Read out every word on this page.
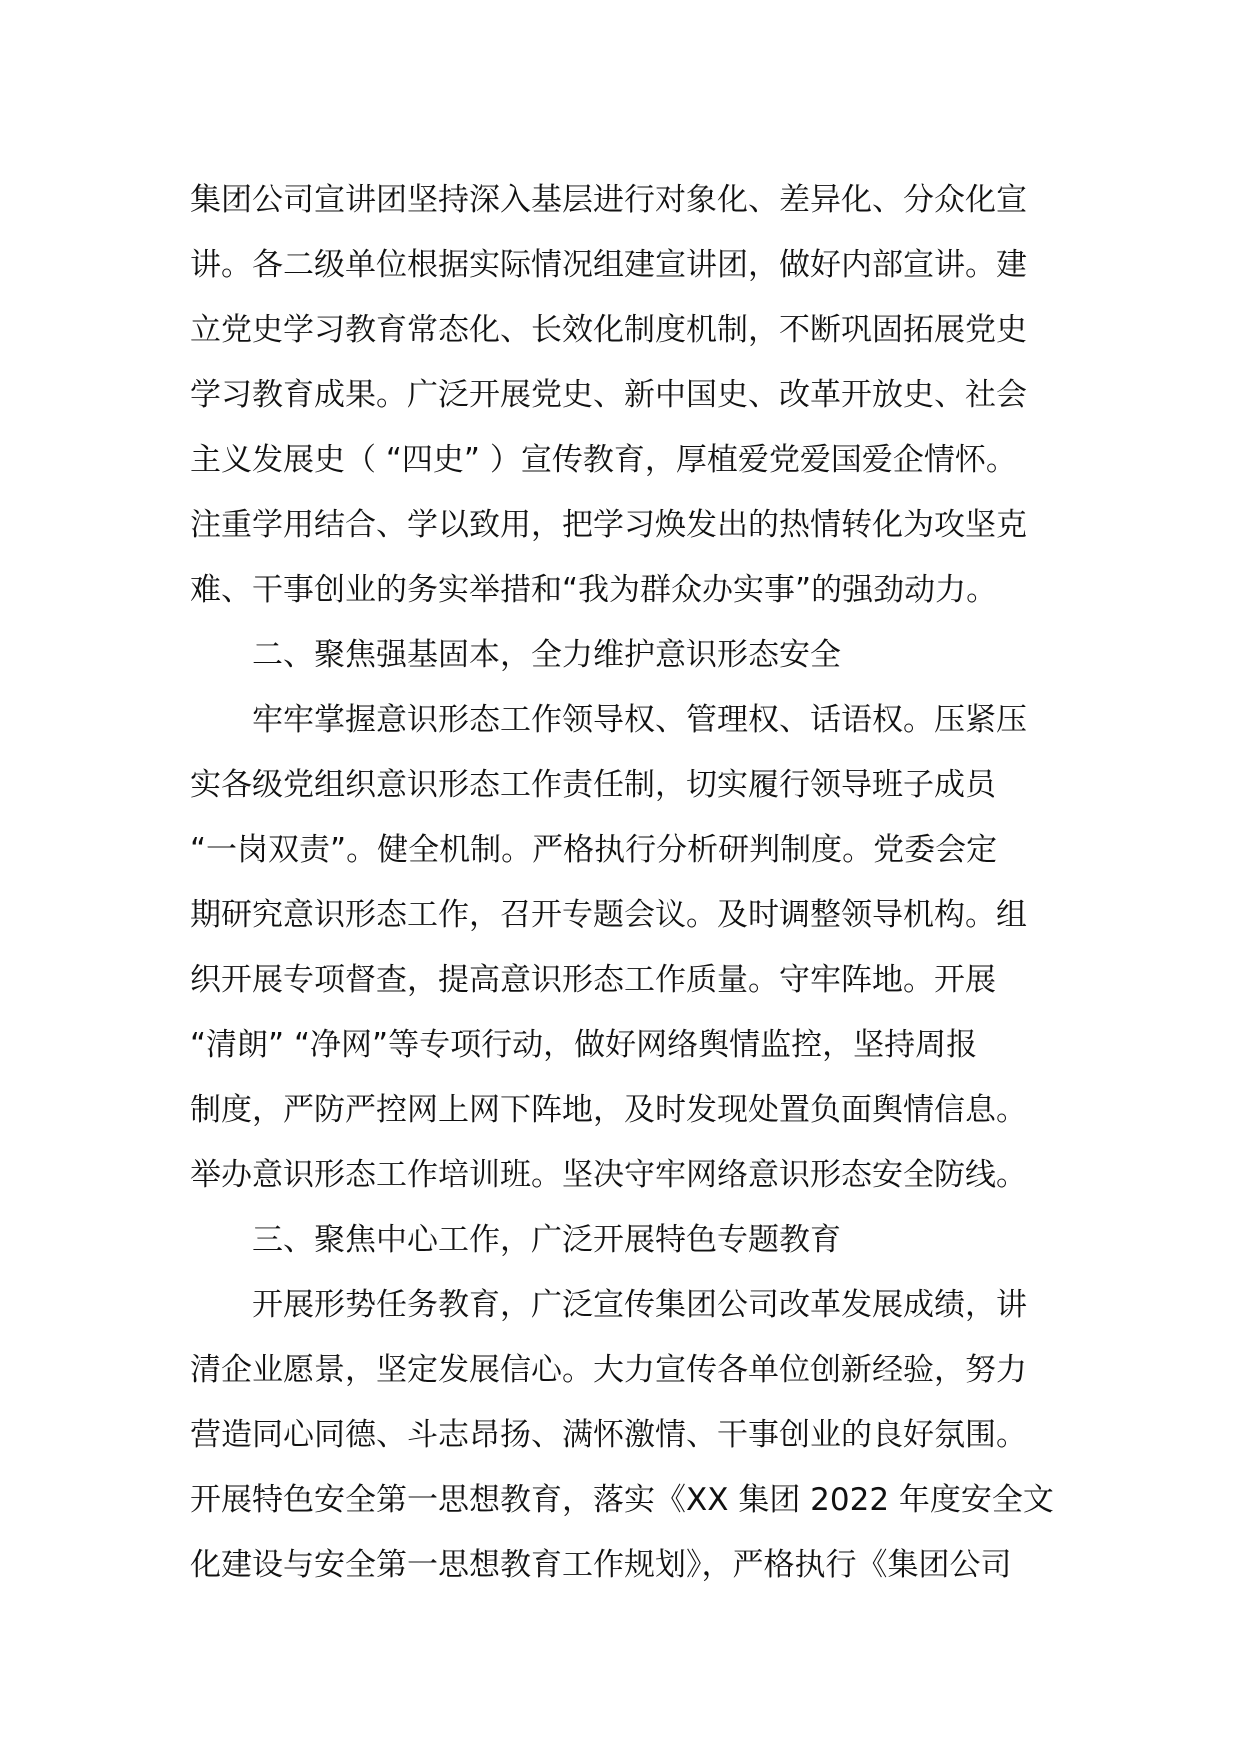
集团公司宣讲团坚持深入基层进行对象化、差异化、分众化宣
讲。各二级单位根据实际情况组建宣讲团，做好内部宣讲。建
立党史学习教育常态化、长效化制度机制，不断巩固拓展党史
学习教育成果。广泛开展党史、新中国史、改革开放史、社会
主义发展史（ “四史” ）宣传教育，厚植爱党爱国爱企情怀。
注重学用结合、学以致用，把学习焕发出的热情转化为攻坚克
难、干事创业的务实举措和“我为群众办实事”的强劲动力。
二、聚焦强基固本，全力维护意识形态安全
牢牢掌握意识形态工作领导权、管理权、话语权。压紧压
实各级党组织意识形态工作责任制，切实履行领导班子成员
“一岗双责”。健全机制。严格执行分析研判制度。党委会定
期研究意识形态工作，召开专题会议。及时调整领导机构。组
织开展专项督查，提高意识形态工作质量。守牢阵地。开展
“清朗” “净网”等专项行动，做好网络舆情监控，坚持周报
制度，严防严控网上网下阵地，及时发现处置负面舆情信息。
举办意识形态工作培训班。坚决守牢网络意识形态安全防线。
三、聚焦中心工作，广泛开展特色专题教育
开展形势任务教育，广泛宣传集团公司改革发展成绩，讲
清企业愿景，坚定发展信心。大力宣传各单位创新经验，努力
营造同心同德、斗志昂扬、满怀激情、干事创业的良好氛围。
开展特色安全第一思想教育，落实《XX 集团 2022 年度安全文
化建设与安全第一思想教育工作规划》，严格执行《集团公司
